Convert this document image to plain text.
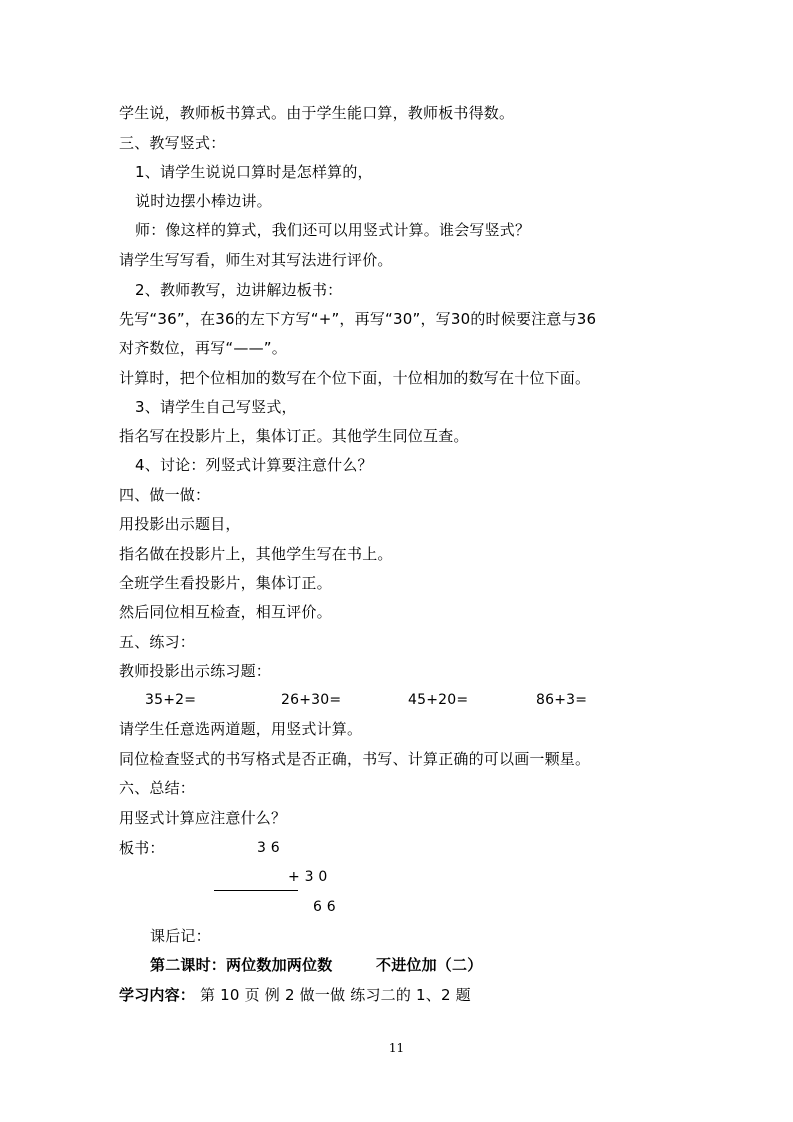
学生说，教师板书算式。由于学生能口算，教师板书得数。
三、教写竖式：
1、请学生说说口算时是怎样算的，
说时边摆小棒边讲。
师：像这样的算式，我们还可以用竖式计算。谁会写竖式？
请学生写写看，师生对其写法进行评价。
2、教师教写，边讲解边板书：
先写“36”，在36的左下方写“+”，再写“30”，写30的时候要注意与36
对齐数位，再写“——”。
计算时，把个位相加的数写在个位下面，十位相加的数写在十位下面。
3、请学生自己写竖式，
指名写在投影片上，集体订正。其他学生同位互查。
4、讨论：列竖式计算要注意什么？
四、做一做：
用投影出示题目，
指名做在投影片上，其他学生写在书上。
全班学生看投影片，集体订正。
然后同位相互检查，相互评价。
五、练习：
教师投影出示练习题：
35+2=	26+30=	45+20=	86+3=
请学生任意选两道题，用竖式计算。
同位检查竖式的书写格式是否正确，书写、计算正确的可以画一颗星。
六、总结：
用竖式计算应注意什么？
板书：	3 6
+ 3 0
6 6
课后记：
第二课时：两位数加两位数	不进位加（二）
学习内容： 第 10 页 例 2 做一做 练习二的 1、2 题
11
